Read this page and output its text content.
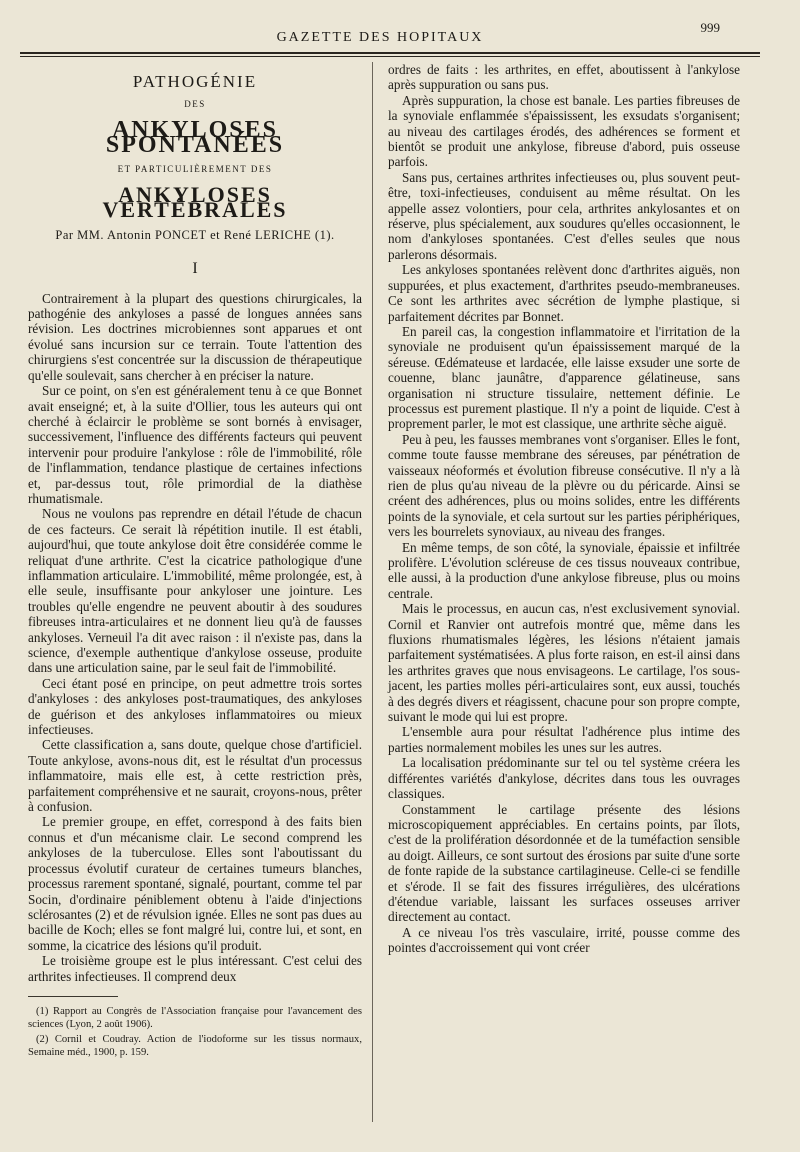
GAZETTE DES HOPITAUX
999
PATHOGÉNIE
DES
ANKYLOSES SPONTANÉES
ET PARTICULIÈREMENT DES
ANKYLOSES VERTÉBRALES
Par MM. Antonin PONCET et René LERICHE (1).
I

Contrairement à la plupart des questions chirurgicales, la pathogénie des ankyloses a passé de longues années sans révision. Les doctrines microbiennes sont apparues et ont évolué sans incursion sur ce terrain. Toute l'attention des chirurgiens s'est concentrée sur la discussion de thérapeutique qu'elle soulevait, sans chercher à en préciser la nature.

Sur ce point, on s'en est généralement tenu à ce que Bonnet avait enseigné; et, à la suite d'Ollier, tous les auteurs qui ont cherché à éclaircir le problème se sont bornés à envisager, successivement, l'influence des différents facteurs qui peuvent intervenir pour produire l'ankylose : rôle de l'immobilité, rôle de l'inflammation, tendance plastique de certaines infections et, par-dessus tout, rôle primordial de la diathèse rhumatismale.

Nous ne voulons pas reprendre en détail l'étude de chacun de ces facteurs. Ce serait là répétition inutile. Il est établi, aujourd'hui, que toute ankylose doit être considérée comme le reliquat d'une arthrite. C'est la cicatrice pathologique d'une inflammation articulaire. L'immobilité, même prolongée, est, à elle seule, insuffisante pour ankyloser une jointure. Les troubles qu'elle engendre ne peuvent aboutir à des soudures fibreuses intra-articulaires et ne donnent lieu qu'à de fausses ankyloses. Verneuil l'a dit avec raison : il n'existe pas, dans la science, d'exemple authentique d'ankylose osseuse, produite dans une articulation saine, par le seul fait de l'immobilité.

Ceci étant posé en principe, on peut admettre trois sortes d'ankyloses : des ankyloses post-traumatiques, des ankyloses de guérison et des ankyloses inflammatoires ou mieux infectieuses.

Cette classification a, sans doute, quelque chose d'artificiel. Toute ankylose, avons-nous dit, est le résultat d'un processus inflammatoire, mais elle est, à cette restriction près, parfaitement compréhensive et ne saurait, croyons-nous, prêter à confusion.

Le premier groupe, en effet, correspond à des faits bien connus et d'un mécanisme clair. Le second comprend les ankyloses de la tuberculose. Elles sont l'aboutissant du processus évolutif curateur de certaines tumeurs blanches, processus rarement spontané, signalé, pourtant, comme tel par Socin, d'ordinaire péniblement obtenu à l'aide d'injections sclérosantes (2) et de révulsion ignée. Elles ne sont pas dues au bacille de Koch; elles se font malgré lui, contre lui, et sont, en somme, la cicatrice des lésions qu'il produit.

Le troisième groupe est le plus intéressant. C'est celui des arthrites infectieuses. Il comprend deux

(1) Rapport au Congrès de l'Association française pour l'avancement des sciences (Lyon, 2 août 1906).

(2) Cornil et Coudray. Action de l'iodoforme sur les tissus normaux, Semaine méd., 1900, p. 159.

ordres de faits : les arthrites, en effet, aboutissent à l'ankylose après suppuration ou sans pus.

Après suppuration, la chose est banale. Les parties fibreuses de la synoviale enflammée s'épaississent, les exsudats s'organisent; au niveau des cartilages érodés, des adhérences se forment et bientôt se produit une ankylose, fibreuse d'abord, puis osseuse parfois.

Sans pus, certaines arthrites infectieuses ou, plus souvent peut-être, toxi-infectieuses, conduisent au même résultat. On les appelle assez volontiers, pour cela, arthrites ankylosantes et on réserve, plus spécialement, aux soudures qu'elles occasionnent, le nom d'ankyloses spontanées. C'est d'elles seules que nous parlerons désormais.

Les ankyloses spontanées relèvent donc d'arthrites aiguës, non suppurées, et plus exactement, d'arthrites pseudo-membraneuses. Ce sont les arthrites avec sécrétion de lymphe plastique, si parfaitement décrites par Bonnet.

En pareil cas, la congestion inflammatoire et l'irritation de la synoviale ne produisent qu'un épaississement marqué de la séreuse. Œdémateuse et lardacée, elle laisse exsuder une sorte de couenne, blanc jaunâtre, d'apparence gélatineuse, sans organisation ni structure tissulaire, nettement définie. Le processus est purement plastique. Il n'y a point de liquide. C'est à proprement parler, le mot est classique, une arthrite sèche aiguë.

Peu à peu, les fausses membranes vont s'organiser. Elles le font, comme toute fausse membrane des séreuses, par pénétration de vaisseaux néoformés et évolution fibreuse consécutive. Il n'y a là rien de plus qu'au niveau de la plèvre ou du péricarde. Ainsi se créent des adhérences, plus ou moins solides, entre les différents points de la synoviale, et cela surtout sur les parties périphériques, vers les bourrelets synoviaux, au niveau des franges.

En même temps, de son côté, la synoviale, épaissie et infiltrée prolifère. L'évolution scléreuse de ces tissus nouveaux contribue, elle aussi, à la production d'une ankylose fibreuse, plus ou moins centrale.

Mais le processus, en aucun cas, n'est exclusivement synovial. Cornil et Ranvier ont autrefois montré que, même dans les fluxions rhumatismales légères, les lésions n'étaient jamais parfaitement systématisées. A plus forte raison, en est-il ainsi dans les arthrites graves que nous envisageons. Le cartilage, l'os sous-jacent, les parties molles péri-articulaires sont, eux aussi, touchés à des degrés divers et réagissent, chacune pour son propre compte, suivant le mode qui lui est propre.

L'ensemble aura pour résultat l'adhérence plus intime des parties normalement mobiles les unes sur les autres.

La localisation prédominante sur tel ou tel système créera les différentes variétés d'ankylose, décrites dans tous les ouvrages classiques.

Constamment le cartilage présente des lésions microscopiquement appréciables. En certains points, par îlots, c'est de la prolifération désordonnée et de la tuméfaction sensible au doigt. Ailleurs, ce sont surtout des érosions par suite d'une sorte de fonte rapide de la substance cartilagineuse. Celle-ci se fendille et s'érode. Il se fait des fissures irrégulières, des ulcérations d'étendue variable, laissant les surfaces osseuses arriver directement au contact.

A ce niveau l'os très vasculaire, irrité, pousse comme des pointes d'accroissement qui vont créer
